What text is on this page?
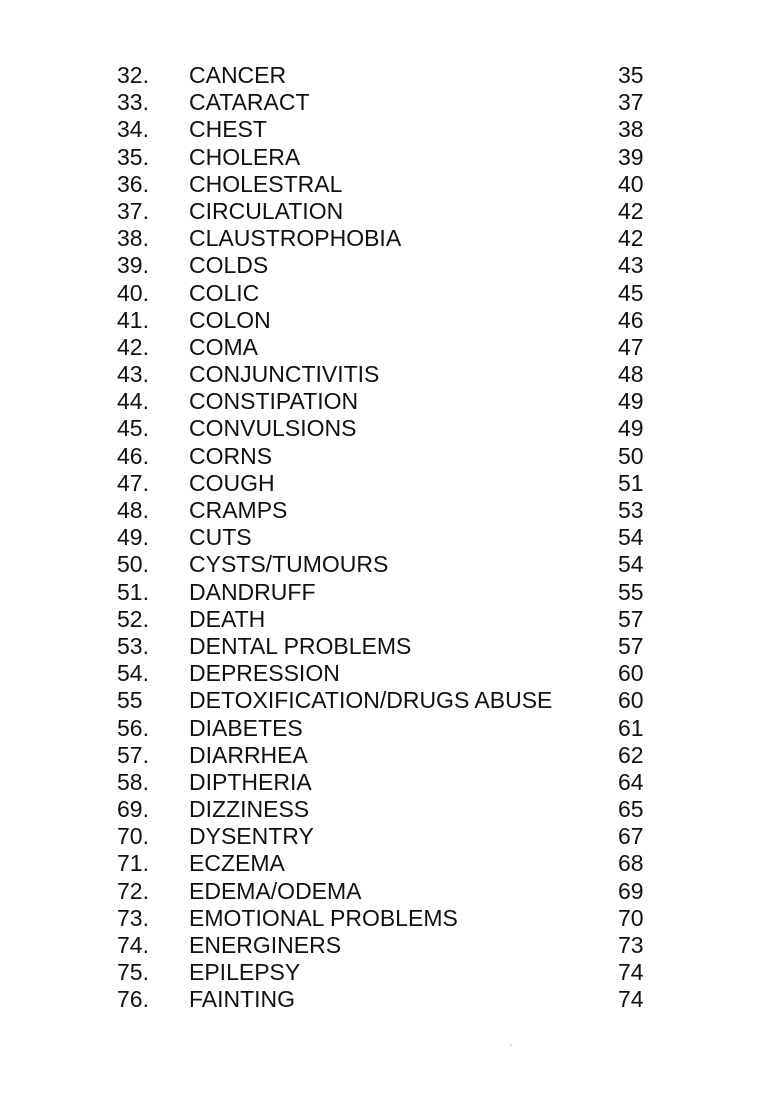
32. CANCER	35
33. CATARACT	37
34. CHEST	38
35. CHOLERA	39
36. CHOLESTRAL	40
37. CIRCULATION	42
38. CLAUSTROPHOBIA	42
39. COLDS	43
40. COLIC	45
41. COLON	46
42. COMA	47
43. CONJUNCTIVITIS	48
44. CONSTIPATION	49
45. CONVULSIONS	49
46. CORNS	50
47. COUGH	51
48. CRAMPS	53
49. CUTS	54
50. CYSTS/TUMOURS	54
51. DANDRUFF	55
52. DEATH	57
53. DENTAL PROBLEMS	57
54. DEPRESSION	60
55 DETOXIFICATION/DRUGS ABUSE	60
56. DIABETES	61
57. DIARRHEA	62
58. DIPTHERIA	64
69. DIZZINESS	65
70. DYSENTRY	67
71. ECZEMA	68
72. EDEMA/ODEMA	69
73. EMOTIONAL PROBLEMS	70
74. ENERGINERS	73
75. EPILEPSY	74
76. FAINTING	74
